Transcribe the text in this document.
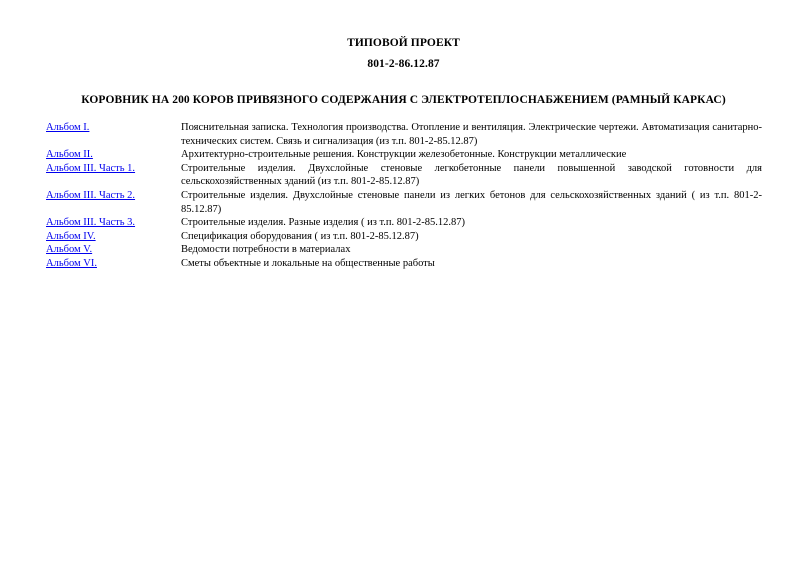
ТИПОВОЙ ПРОЕКТ
801-2-86.12.87
КОРОВНИК НА 200 КОРОВ ПРИВЯЗНОГО СОДЕРЖАНИЯ С ЭЛЕКТРОТЕПЛОСНАБЖЕНИЕМ (РАМНЫЙ КАРКАС)
Альбом I.	Пояснительная записка. Технология производства. Отопление и вентиляция. Электрические чертежи. Автоматизация санитарно-технических систем. Связь и сигнализация (из т.п. 801-2-85.12.87)
Альбом II.	Архитектурно-строительные решения. Конструкции железобетонные. Конструкции металлические
Альбом III. Часть 1.	Строительные изделия. Двухслойные стеновые легкобетонные панели повышенной заводской готовности для сельскохозяйственных зданий (из т.п. 801-2-85.12.87)
Альбом III. Часть 2.	Строительные изделия. Двухслойные стеновые панели из легких бетонов для сельскохозяйственных зданий ( из т.п. 801-2-85.12.87)
Альбом III. Часть 3.	Строительные изделия. Разные изделия ( из т.п. 801-2-85.12.87)
Альбом IV.	Спецификация оборудования ( из т.п. 801-2-85.12.87)
Альбом V.	Ведомости потребности в материалах
Альбом VI.	Сметы объектные и локальные на общественные работы
